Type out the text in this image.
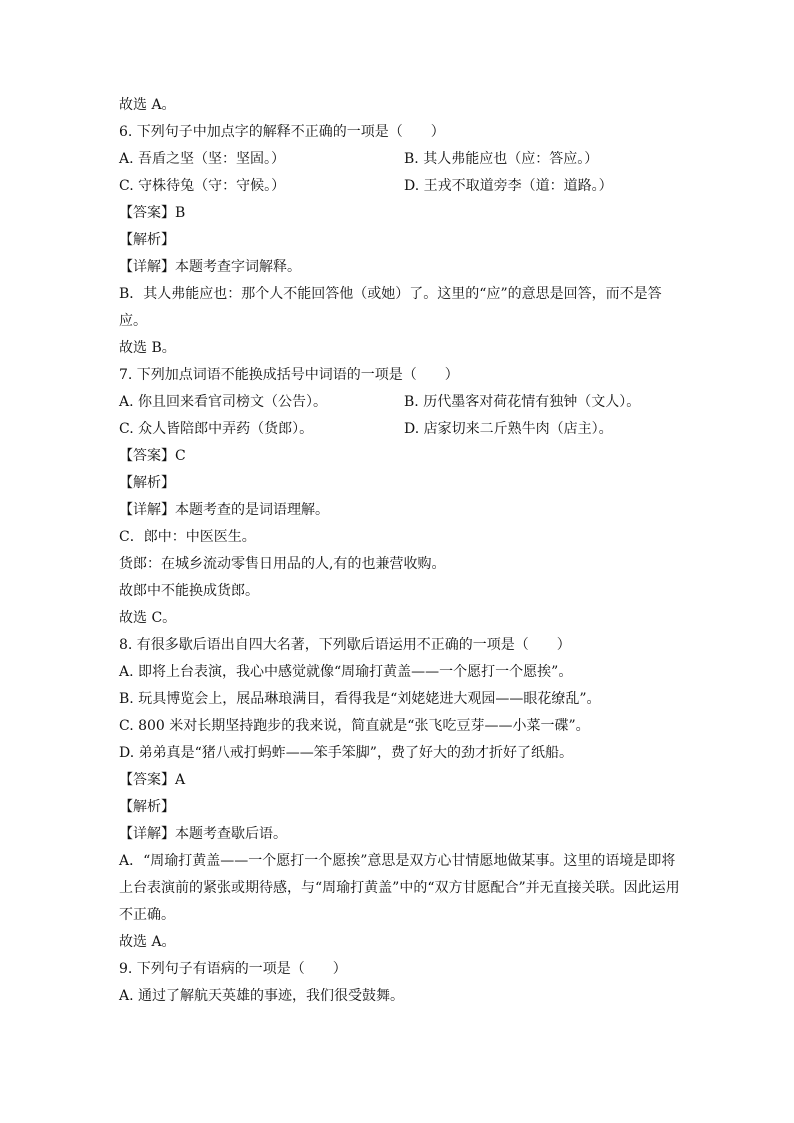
故选 A。
6. 下列句子中加点字的解释不正确的一项是（　　）
A. 吾盾之坚（坚：坚固。）	B. 其人弗能应也（应：答应。）
C. 守株待兔（守：守候。）	D. 王戎不取道旁李（道：道路。）
【答案】B
【解析】
【详解】本题考查字词解释。
B．其人弗能应也：那个人不能回答他（或她）了。这里的“应”的意思是回答，而不是答应。
故选 B。
7. 下列加点词语不能换成括号中词语的一项是（　　）
A. 你且回来看官司榜文（公告）。	B. 历代墨客对荷花情有独钟（文人）。
C. 众人皆陪郎中弄药（货郎）。	D. 店家切来二斤熟牛肉（店主）。
【答案】C
【解析】
【详解】本题考查的是词语理解。
C．郎中：中医医生。
货郎：在城乡流动零售日用品的人,有的也兼营收购。
故郎中不能换成货郎。
故选 C。
8. 有很多歇后语出自四大名著，下列歇后语运用不正确的一项是（　　）
A. 即将上台表演，我心中感觉就像“周瑜打黄盖——一个愿打一个愿挨”。
B. 玩具博览会上，展品琳琅满目，看得我是“刘姥姥进大观园——眼花缭乱”。
C. 800 米对长期坚持跑步的我来说，简直就是“张飞吃豆芽——小菜一碟”。
D. 弟弟真是“猪八戒打蚂蚱——笨手笨脚”，费了好大的劲才折好了纸船。
【答案】A
【解析】
【详解】本题考查歇后语。
A．“周瑜打黄盖——一个愿打一个愿挨”意思是双方心甘情愿地做某事。这里的语境是即将上台表演前的紧张或期待感，与“周瑜打黄盖”中的“双方甘愿配合”并无直接关联。因此运用不正确。
故选 A。
9. 下列句子有语病的一项是（　　）
A. 通过了解航天英雄的事迹，我们很受鼓舞。
